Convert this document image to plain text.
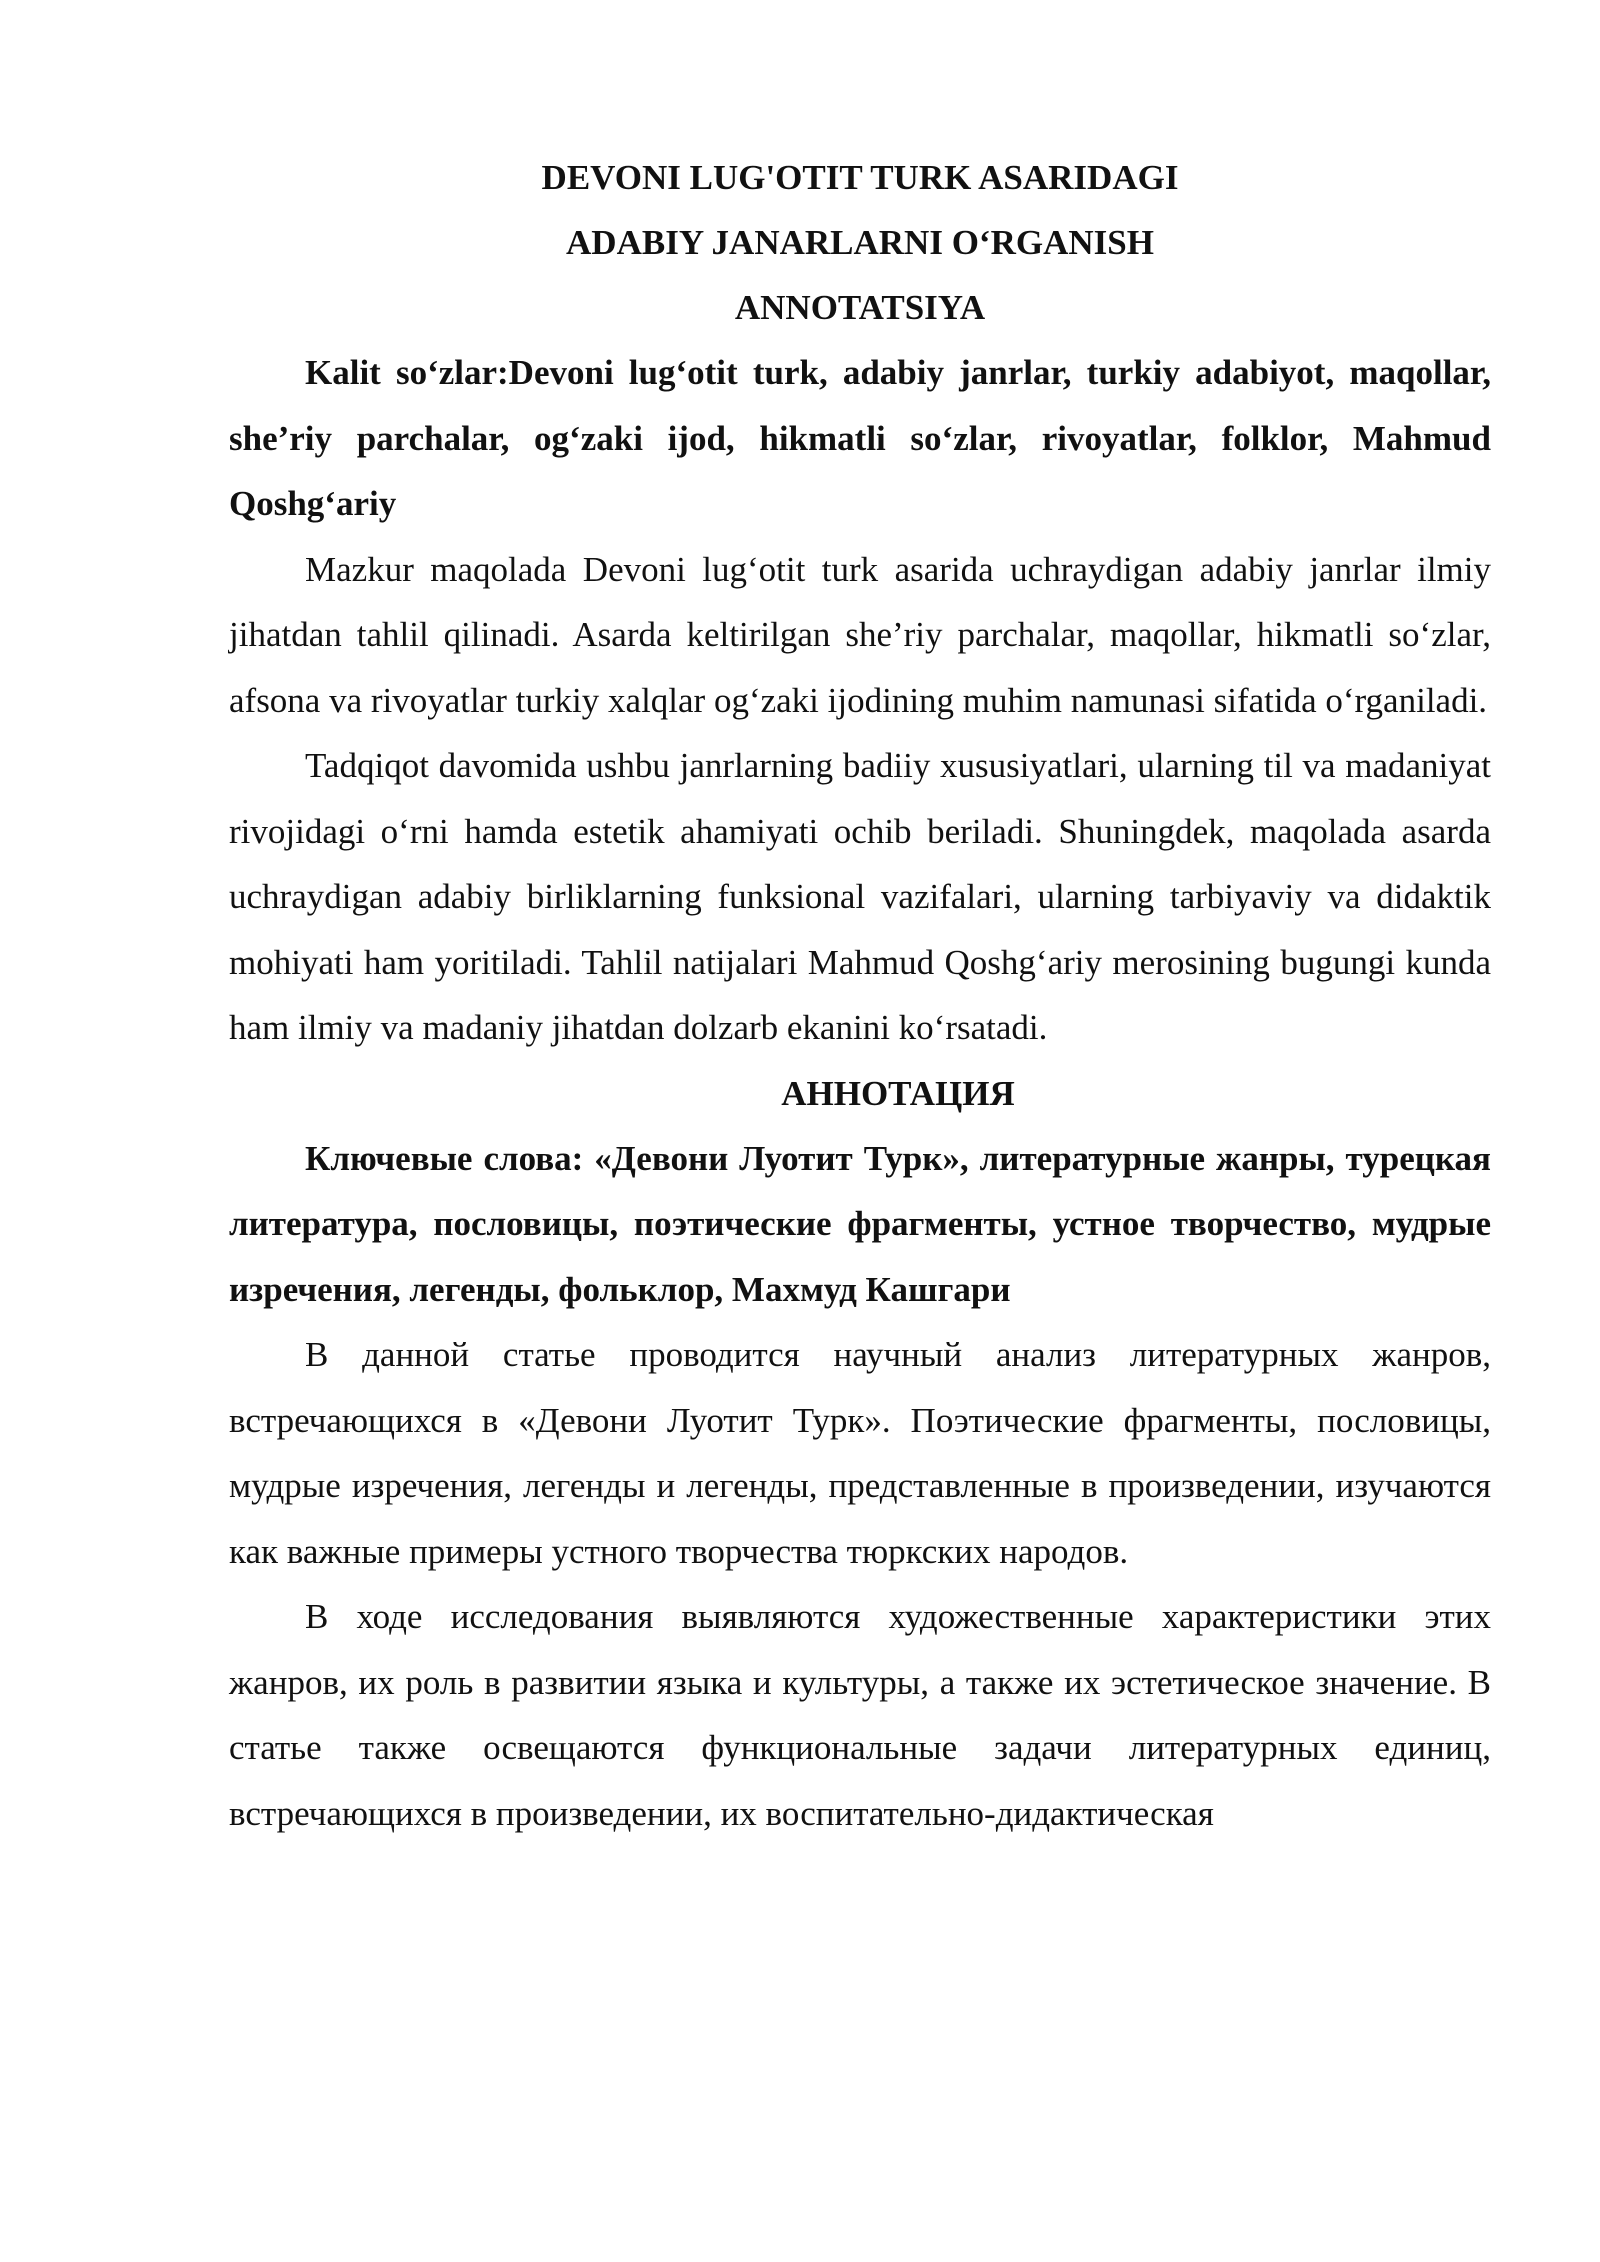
DEVONI LUG'OTIT TURK ASARIDAGI
ADABIY JANARLARNI O‘RGANISH
ANNOTATSIYA

Kalit so‘zlar:Devoni lug‘otit turk, adabiy janrlar, turkiy adabiyot, maqollar, she’riy parchalar, og‘zaki ijod, hikmatli so‘zlar, rivoyatlar, folklor, Mahmud Qoshg‘ariy

Mazkur maqolada Devoni lug‘otit turk asarida uchraydigan adabiy janrlar ilmiy jihatdan tahlil qilinadi. Asarda keltirilgan she’riy parchalar, maqollar, hikmatli so‘zlar, afsona va rivoyatlar turkiy xalqlar og‘zaki ijodining muhim namunasi sifatida o‘rganiladi.

Tadqiqot davomida ushbu janrlarning badiiy xususiyatlari, ularning til va madaniyat rivojidagi o‘rni hamda estetik ahamiyati ochib beriladi. Shuningdek, maqolada asarda uchraydigan adabiy birliklarning funksional vazifalari, ularning tarbiyaviy va didaktik mohiyati ham yoritiladi. Tahlil natijalari Mahmud Qoshg‘ariy merosining bugungi kunda ham ilmiy va madaniy jihatdan dolzarb ekanini ko‘rsatadi.

АННОТАЦИЯ

Ключевые слова: «Девони Луотит Турк», литературные жанры, турецкая литература, пословицы, поэтические фрагменты, устное творчество, мудрые изречения, легенды, фольклор, Махмуд Кашгари

В данной статье проводится научный анализ литературных жанров, встречающихся в «Девони Луотит Турк». Поэтические фрагменты, пословицы, мудрые изречения, легенды и легенды, представленные в произведении, изучаются как важные примеры устного творчества тюркских народов.

В ходе исследования выявляются художественные характеристики этих жанров, их роль в развитии языка и культуры, а также их эстетическое значение. В статье также освещаются функциональные задачи литературных единиц, встречающихся в произведении, их воспитательно-дидактическая
